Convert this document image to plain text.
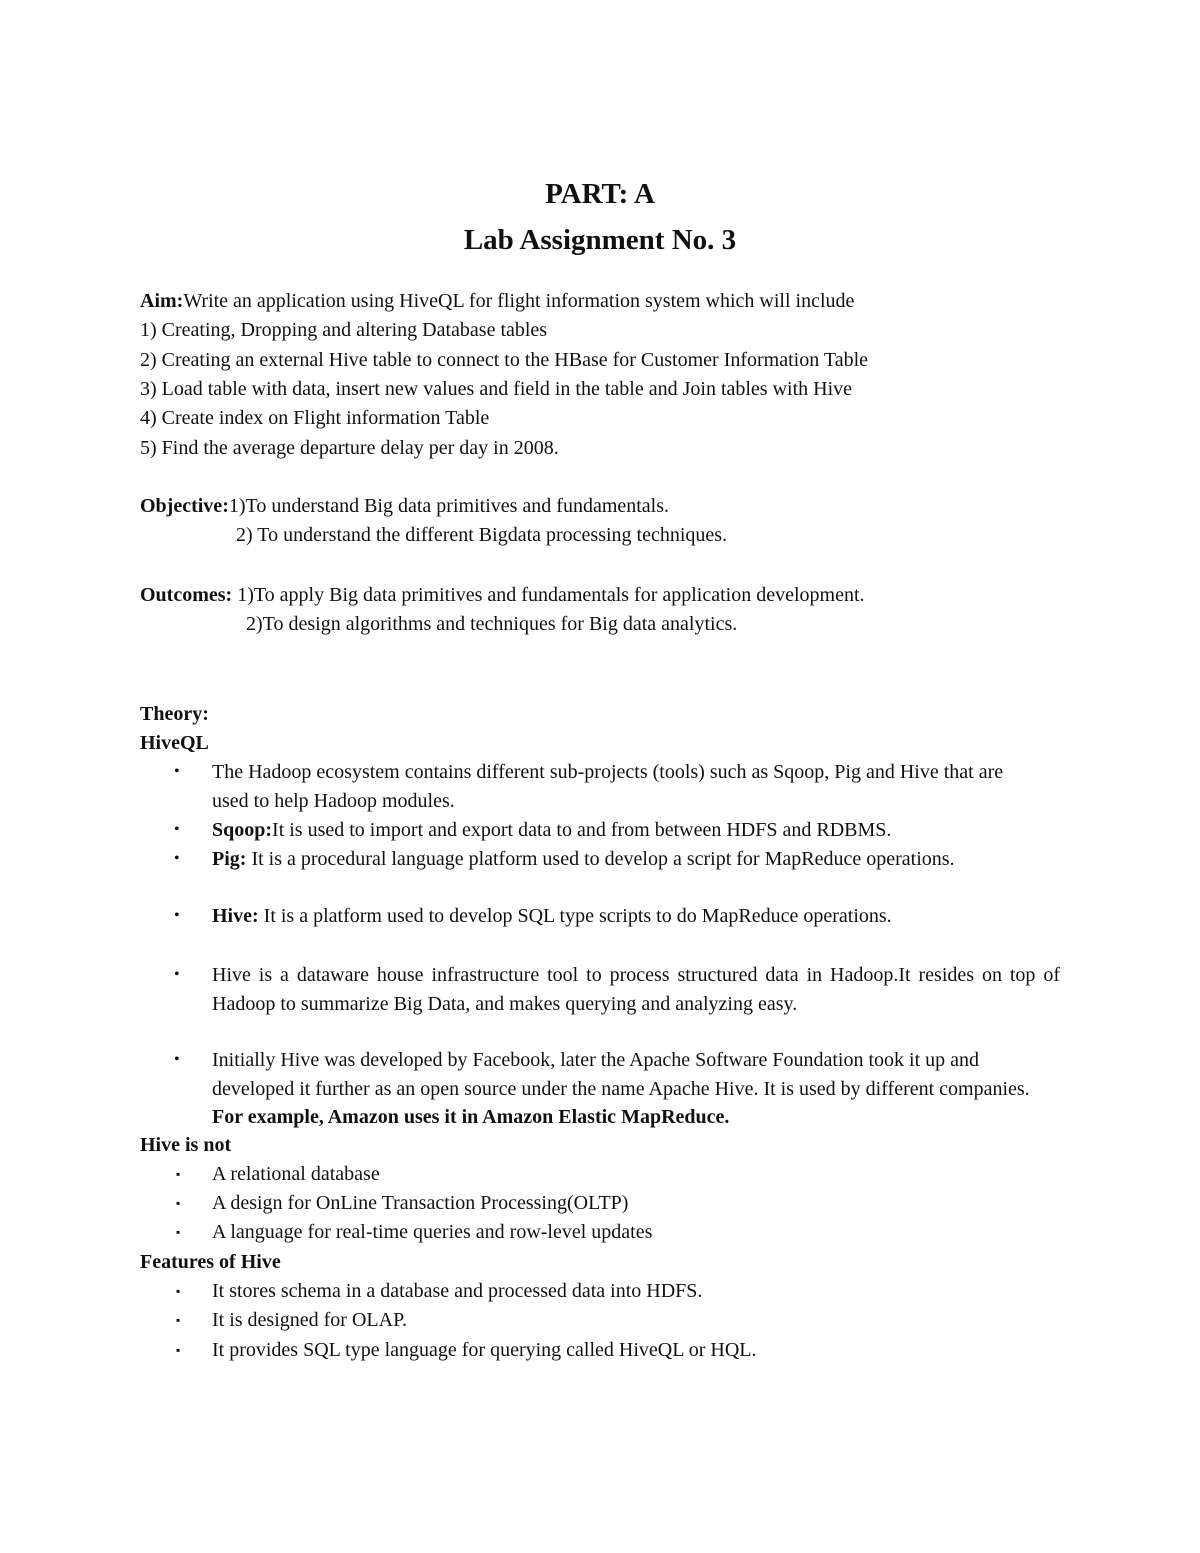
PART: A
Lab Assignment No. 3
Aim:Write an application using HiveQL for flight information system which will include
1) Creating, Dropping and altering Database tables
2) Creating an external Hive table to connect to the HBase for Customer Information Table
3) Load table with data, insert new values and field in the table and Join tables with Hive
4) Create index on Flight information Table
5) Find the average departure delay per day in 2008.
Objective:1)To understand Big data primitives and fundamentals.
2) To understand the different Bigdata processing techniques.
Outcomes: 1)To apply Big data primitives and fundamentals for application development.
2)To design algorithms and techniques for Big data analytics.
Theory:
HiveQL
• The Hadoop ecosystem contains different sub-projects (tools) such as Sqoop, Pig and Hive that are used to help Hadoop modules.
• Sqoop:It is used to import and export data to and from between HDFS and RDBMS.
• Pig: It is a procedural language platform used to develop a script for MapReduce operations.
• Hive: It is a platform used to develop SQL type scripts to do MapReduce operations.
• Hive is a dataware house infrastructure tool to process structured data in Hadoop.It resides on top of Hadoop to summarize Big Data, and makes querying and analyzing easy.
• Initially Hive was developed by Facebook, later the Apache Software Foundation took it up and developed it further as an open source under the name Apache Hive. It is used by different companies. For example, Amazon uses it in Amazon Elastic MapReduce.
Hive is not
▪ A relational database
▪ A design for OnLine Transaction Processing(OLTP)
▪ A language for real-time queries and row-level updates
Features of Hive
▪ It stores schema in a database and processed data into HDFS.
▪ It is designed for OLAP.
▪ It provides SQL type language for querying called HiveQL or HQL.
